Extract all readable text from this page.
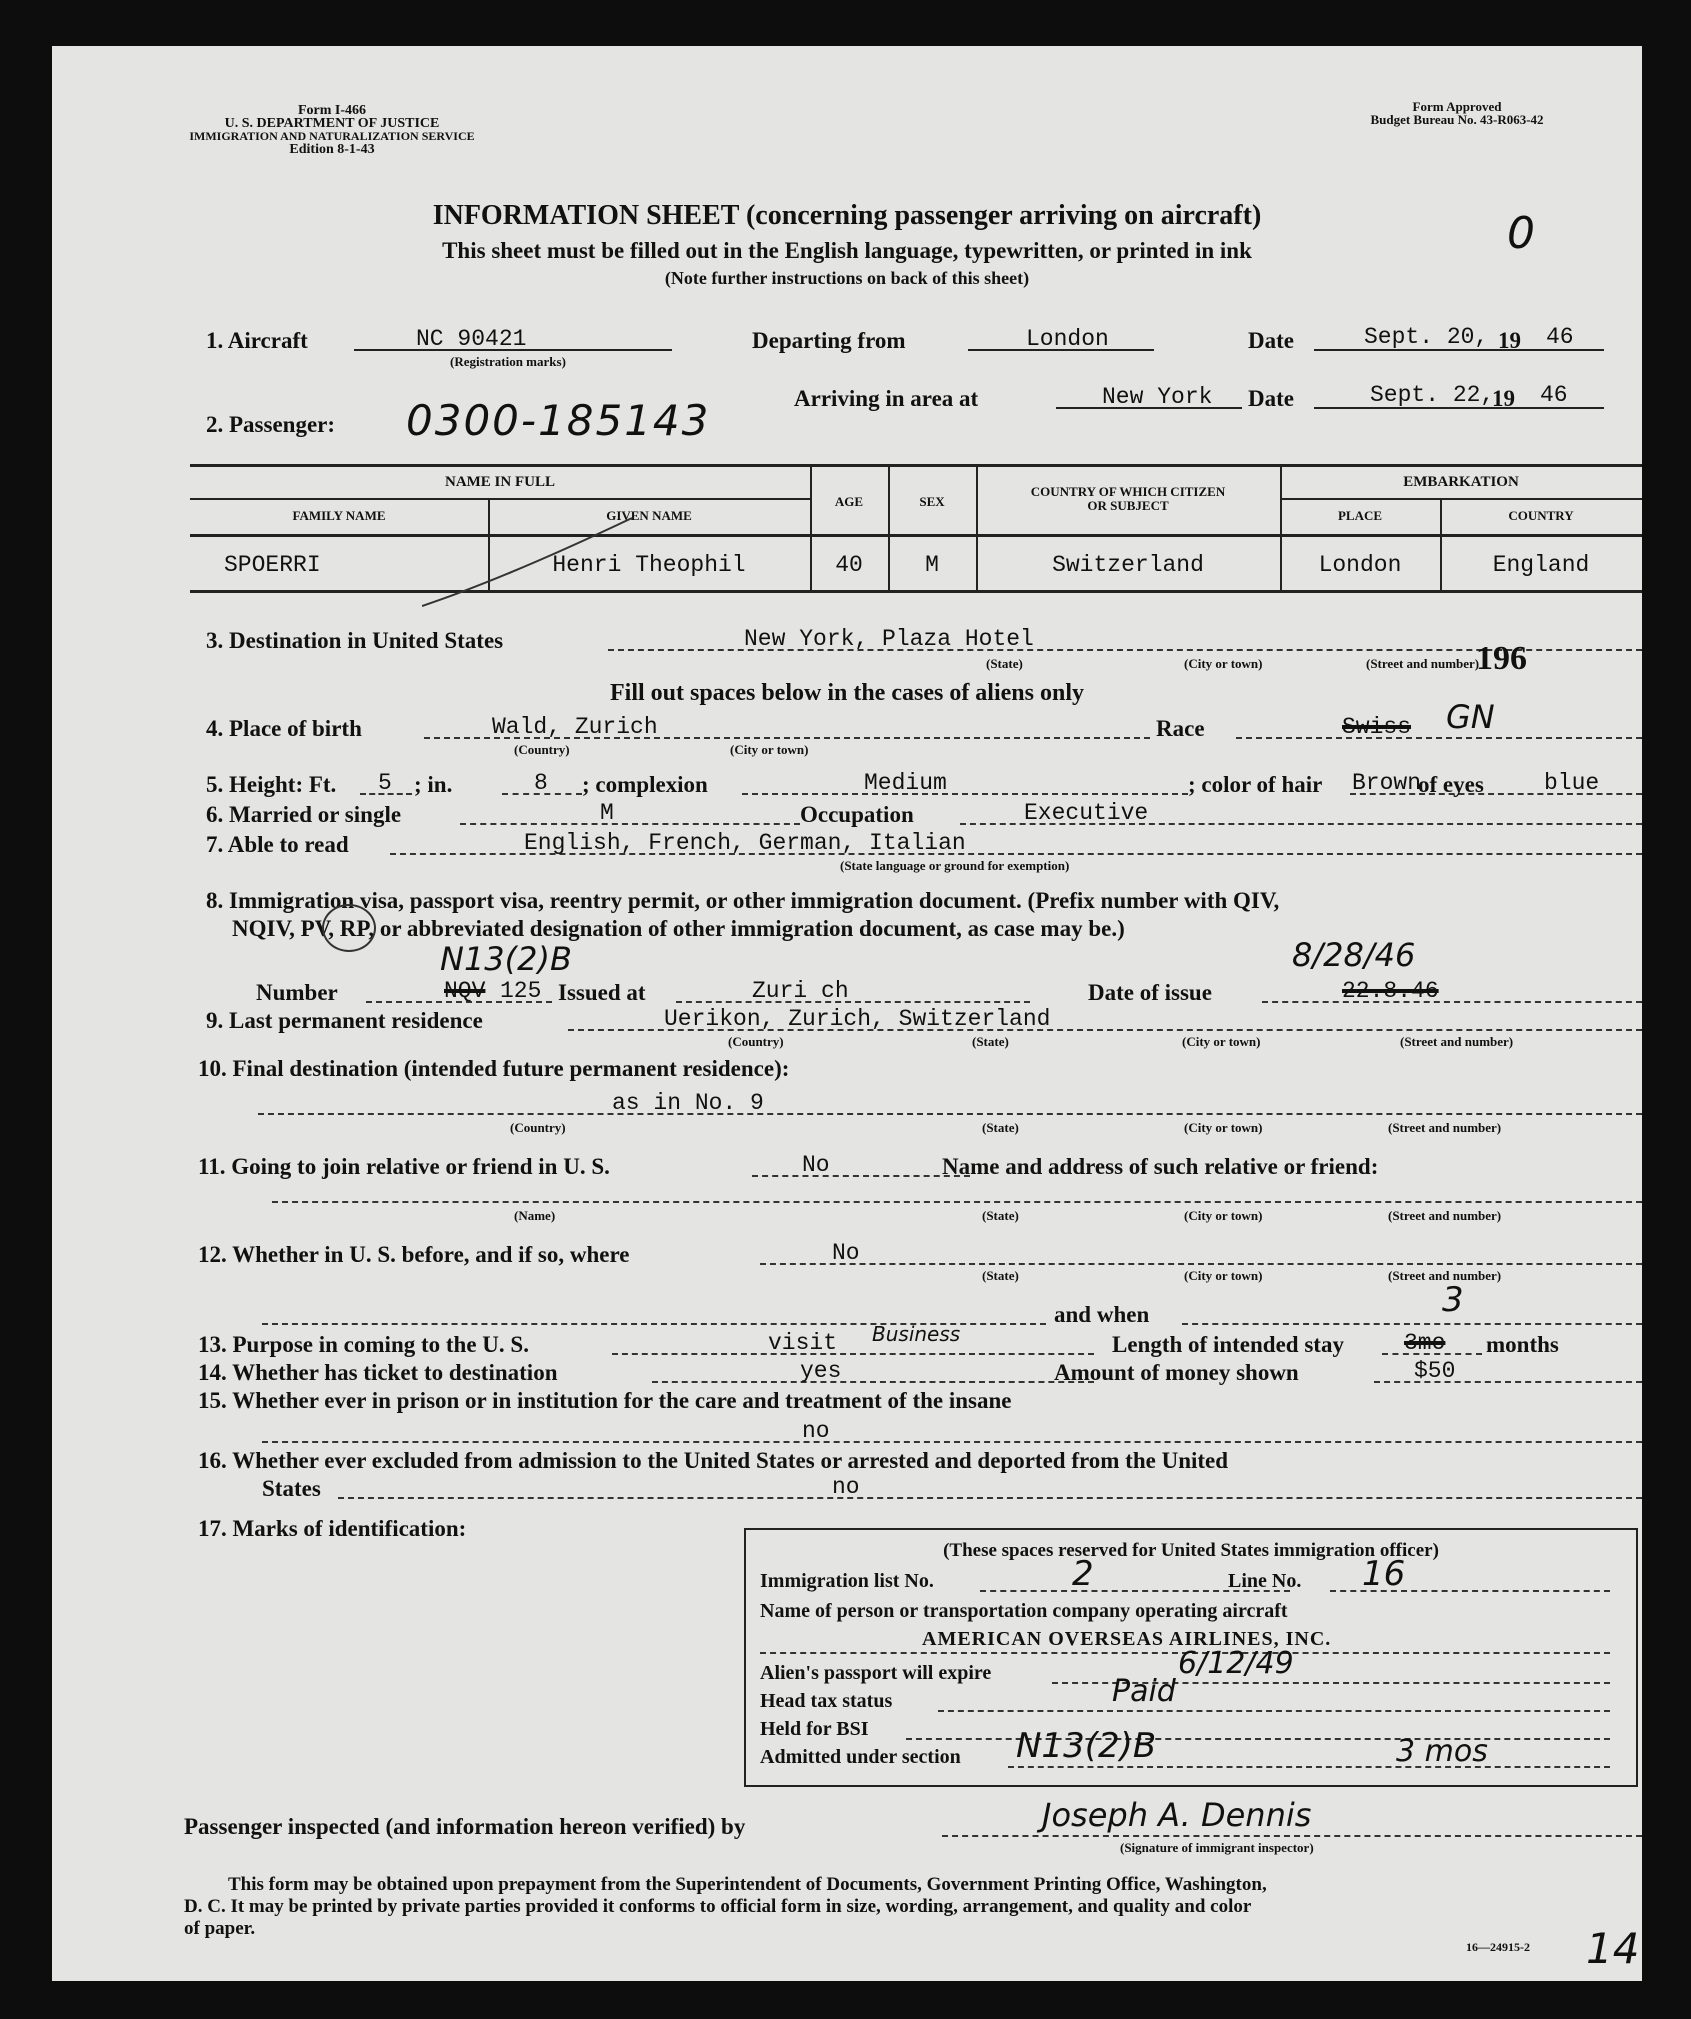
Form I-466
U. S. DEPARTMENT OF JUSTICE
IMMIGRATION AND NATURALIZATION SERVICE
Edition 8-1-43
Form Approved
Budget Bureau No. 43-R063-42
INFORMATION SHEET (concerning passenger arriving on aircraft)
This sheet must be filled out in the English language, typewritten, or printed in ink
(Note further instructions on back of this sheet)
0
1. Aircraft	NC 90421
(Registration marks)
Departing from	London	Date	Sept. 20, 19 46
Arriving in area at	New York Date	Sept. 22,
19 46
2. Passenger: 0300-185143
NAME IN FULL
FAMILY NAME	GIVEN NAME
AGE	SEX
COUNTRY OF WHICH CITIZEN
OR SUBJECT
EMBARKATION
PLACE	COUNTRY
SPOERRI	Henri Theophil	40	M	Switzerland	London	England
3. Destination in United States	New York, Plaza Hotel
(State)	(City or town)	(Street and number)
196
Fill out spaces below in the cases of aliens only
4. Place of birth	Wald, Zurich
(Country)	(City or town)
Race	Swiss GN
5. Height: Ft. 5 ; in.	8 ; complexion	Medium	; color of hair Brown
of eyes	blue
6. Married or single	M	Occupation	Executive
7. Able to read	English, French, German, Italian
(State language or ground for exemption)
8. Immigration visa, passport visa, reentry permit, or other immigration document. (Prefix number with QIV,
NQIV, PV, RP, or abbreviated designation of other immigration document, as case may be.)
N13(2)B	8/28/46
Number	NQV 125 Issued at	Zuri ch	Date of issue	22.8.46
9. Last permanent residence	Uerikon, Zurich, Switzerland
(Country)	(State)	(City or town)	(Street and number)
10. Final destination (intended future permanent residence):
as in No. 9
(Country)	(State)	(City or town)	(Street and number)
11. Going to join relative or friend in U. S.	No	Name and address of such relative or friend:
(Name)	(State)	(City or town)	(Street and number)
12. Whether in U. S. before, and if so, where	No
(State)	(City or town)	(Street and number)
and when	3
13. Purpose in coming to the U. S.	visit Business	Length of intended stay	3mo months
14. Whether has ticket to destination	yes	Amount of money shown	$50
15. Whether ever in prison or in institution for the care and treatment of the insane
no
16. Whether ever excluded from admission to the United States or arrested and deported from the United
States	no
17. Marks of identification:
(These spaces reserved for United States immigration officer)
Immigration list No.	2	Line No. 16
Name of person or transportation company operating aircraft
AMERICAN OVERSEAS AIRLINES, INC.
Alien's passport will expire	6/12/49
Head tax status	Paid
Held for BSI
Admitted under section N13(2)B	3 mos
Passenger inspected (and information hereon verified) by	Joseph A. Dennis
(Signature of immigrant inspector)
This form may be obtained upon prepayment from the Superintendent of Documents, Government Printing Office, Washington,
D. C. It may be printed by private parties provided it conforms to official form in size, wording, arrangement, and quality and color
of paper.
16—24915-2 14
